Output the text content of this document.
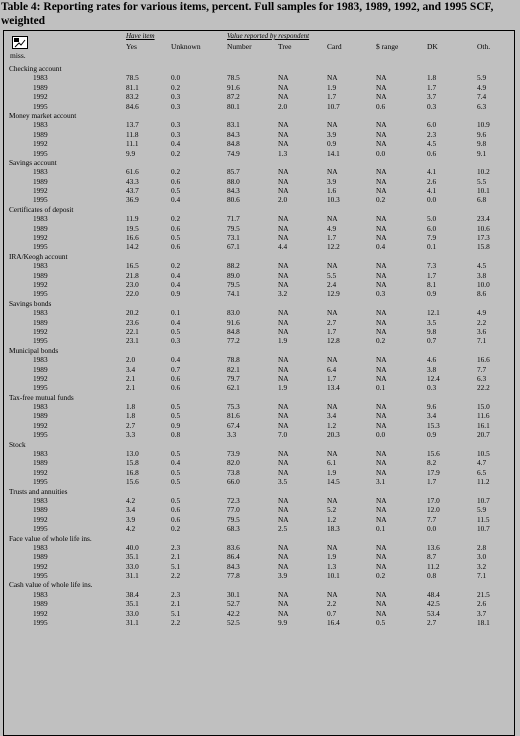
Table 4: Reporting rates for various items, percent. Full samples for 1983, 1989, 1992, and 1995 SCF, weighted
miss.
Have item	Value reported by respondent
Yes	Unknown	Number	Tree	Card	$ range	DK	Oth.
Checking account
1983	78.5	0.0	78.5	NA	NA	NA	1.8	5.9
1989	81.1	0.2	91.6	NA	1.9	NA	1.7	4.9
1992	83.2	0.3	87.2	NA	1.7	NA	3.7	7.4
1995	84.6	0.3	80.1	2.0	10.7	0.6	0.3	6.3
Money market account
1983	13.7	0.3	83.1	NA	NA	NA	6.0	10.9
1989	11.8	0.3	84.3	NA	3.9	NA	2.3	9.6
1992	11.1	0.4	84.8	NA	0.9	NA	4.5	9.8
1995	9.9	0.2	74.9	1.3	14.1	0.0	0.6	9.1
Savings account
1983	61.6	0.2	85.7	NA	NA	NA	4.1	10.2
1989	43.3	0.6	88.0	NA	3.9	NA	2.6	5.5
1992	43.7	0.5	84.3	NA	1.6	NA	4.1	10.1
1995	36.9	0.4	80.6	2.0	10.3	0.2	0.0	6.8
Certificates of deposit
1983	11.9	0.2	71.7	NA	NA	NA	5.0	23.4
1989	19.5	0.6	79.5	NA	4.9	NA	6.0	10.6
1992	16.6	0.5	73.1	NA	1.7	NA	7.9	17.3
1995	14.2	0.6	67.1	4.4	12.2	0.4	0.1	15.8
IRA/Keogh account
1983	16.5	0.2	88.2	NA	NA	NA	7.3	4.5
1989	21.8	0.4	89.0	NA	5.5	NA	1.7	3.8
1992	23.0	0.4	79.5	NA	2.4	NA	8.1	10.0
1995	22.0	0.9	74.1	3.2	12.9	0.3	0.9	8.6
Savings bonds
1983	20.2	0.1	83.0	NA	NA	NA	12.1	4.9
1989	23.6	0.4	91.6	NA	2.7	NA	3.5	2.2
1992	22.1	0.5	84.8	NA	1.7	NA	9.8	3.6
1995	23.1	0.3	77.2	1.9	12.8	0.2	0.7	7.1
Municipal bonds
1983	2.0	0.4	78.8	NA	NA	NA	4.6	16.6
1989	3.4	0.7	82.1	NA	6.4	NA	3.8	7.7
1992	2.1	0.6	79.7	NA	1.7	NA	12.4	6.3
1995	2.1	0.6	62.1	1.9	13.4	0.1	0.3	22.2
Tax-free mutual funds
1983	1.8	0.5	75.3	NA	NA	NA	9.6	15.0
1989	1.8	0.5	81.6	NA	3.4	NA	3.4	11.6
1992	2.7	0.9	67.4	NA	1.2	NA	15.3	16.1
1995	3.3	0.8	3.3	7.0	20.3	0.0	0.9	20.7
Stock
1983	13.0	0.5	73.9	NA	NA	NA	15.6	10.5
1989	15.8	0.4	82.0	NA	6.1	NA	8.2	4.7
1992	16.8	0.5	73.8	NA	1.9	NA	17.9	6.5
1995	15.6	0.5	66.0	3.5	14.5	3.1	1.7	11.2
Trusts and annuities
1983	4.2	0.5	72.3	NA	NA	NA	17.0	10.7
1989	3.4	0.6	77.0	NA	5.2	NA	12.0	5.9
1992	3.9	0.6	79.5	NA	1.2	NA	7.7	11.5
1995	4.2	0.2	68.3	2.5	18.3	0.1	0.0	10.7
Face value of whole life ins.
1983	40.0	2.3	83.6	NA	NA	NA	13.6	2.8
1989	35.1	2.1	86.4	NA	1.9	NA	8.7	3.0
1992	33.0	5.1	84.3	NA	1.3	NA	11.2	3.2
1995	31.1	2.2	77.8	3.9	10.1	0.2	0.8	7.1
Cash value of whole life ins.
1983	38.4	2.3	30.1	NA	NA	NA	48.4	21.5
1989	35.1	2.1	52.7	NA	2.2	NA	42.5	2.6
1992	33.0	5.1	42.2	NA	0.7	NA	53.4	3.7
1995	31.1	2.2	52.5	9.9	16.4	0.5	2.7	18.1
